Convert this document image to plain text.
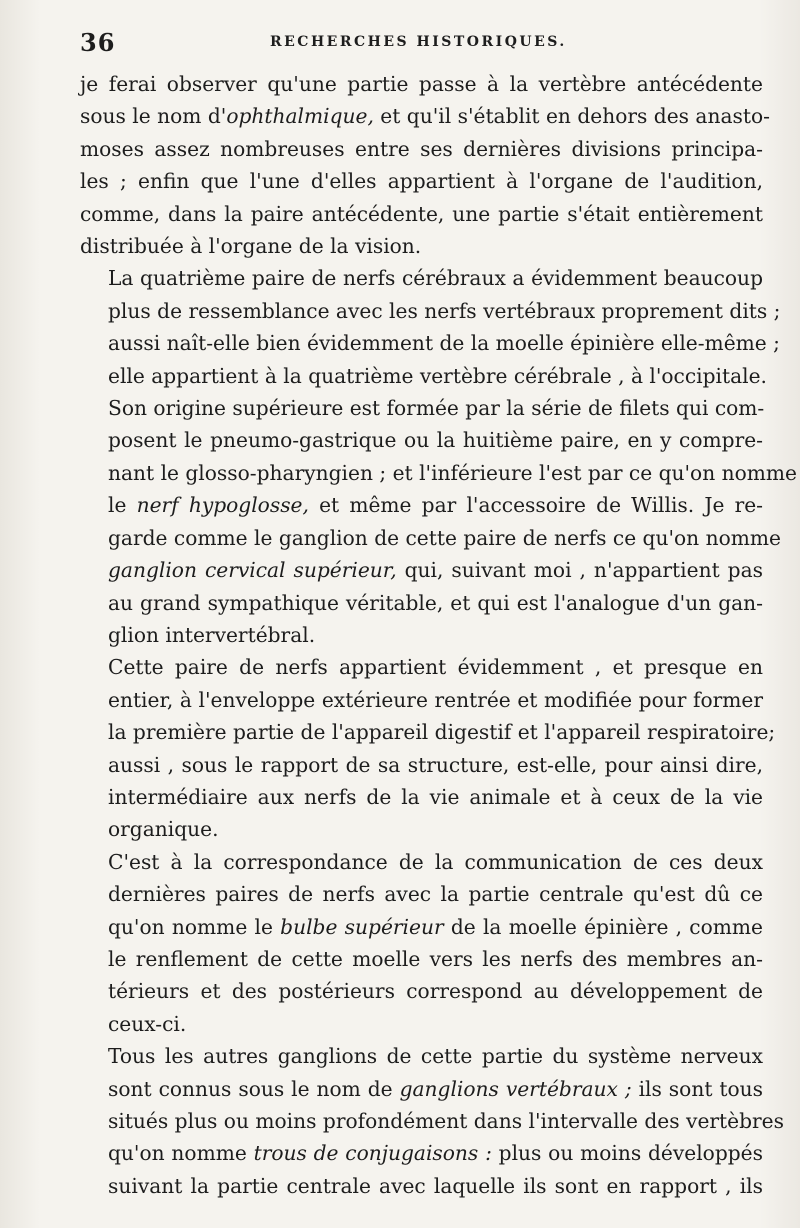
36	RECHERCHES HISTORIQUES.
je ferai observer qu'une partie passe à la vertèbre antécédente
sous le nom d'ophthalmique, et qu'il s'établit en dehors des anasto-
moses assez nombreuses entre ses dernières divisions principa-
les ; enfin que l'une d'elles appartient à l'organe de l'audition,
comme, dans la paire antécédente, une partie s'était entièrement
distribuée à l'organe de la vision.
La quatrième paire de nerfs cérébraux a évidemment beaucoup
plus de ressemblance avec les nerfs vertébraux proprement dits ;
aussi naît-elle bien évidemment de la moelle épinière elle-même ;
elle appartient à la quatrième vertèbre cérébrale , à l'occipitale.
Son origine supérieure est formée par la série de filets qui com-
posent le pneumo-gastrique ou la huitième paire, en y compre-
nant le glosso-pharyngien ; et l'inférieure l'est par ce qu'on nomme
le nerf hypoglosse, et même par l'accessoire de Willis. Je re-
garde comme le ganglion de cette paire de nerfs ce qu'on nomme
ganglion cervical supérieur, qui, suivant moi , n'appartient pas
au grand sympathique véritable, et qui est l'analogue d'un gan-
glion intervertébral.
Cette paire de nerfs appartient évidemment , et presque en
entier, à l'enveloppe extérieure rentrée et modifiée pour former
la première partie de l'appareil digestif et l'appareil respiratoire;
aussi , sous le rapport de sa structure, est-elle, pour ainsi dire,
intermédiaire aux nerfs de la vie animale et à ceux de la vie
organique.
C'est à la correspondance de la communication de ces deux
dernières paires de nerfs avec la partie centrale qu'est dû ce
qu'on nomme le bulbe supérieur de la moelle épinière , comme
le renflement de cette moelle vers les nerfs des membres an-
térieurs et des postérieurs correspond au développement de
ceux-ci.
Tous les autres ganglions de cette partie du système nerveux
sont connus sous le nom de ganglions vertébraux ; ils sont tous
situés plus ou moins profondément dans l'intervalle des vertèbres
qu'on nomme trous de conjugaisons : plus ou moins développés
suivant la partie centrale avec laquelle ils sont en rapport , ils
